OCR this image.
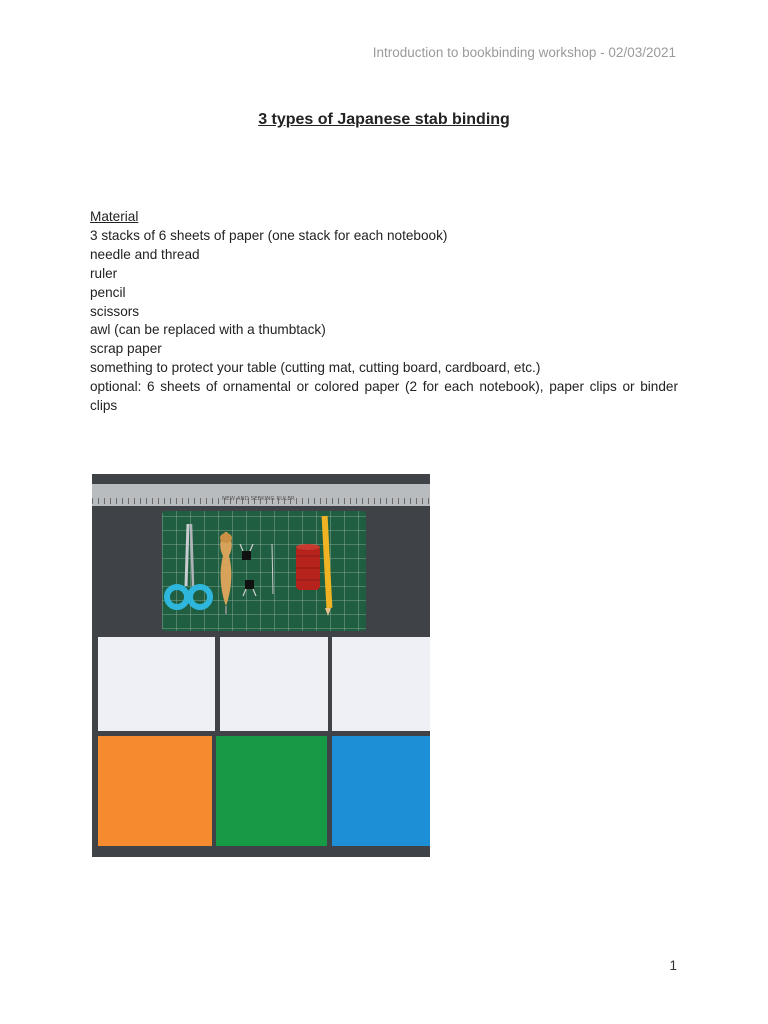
Introduction to bookbinding workshop - 02/03/2021
3 types of Japanese stab binding
Material
3 stacks of 6 sheets of paper (one stack for each notebook)
needle and thread
ruler
pencil
scissors
awl (can be replaced with a thumbtack)
scrap paper
something to protect your table (cutting mat, cutting board, cardboard, etc.)
optional: 6 sheets of ornamental or colored paper (2 for each notebook), paper clips or binder clips
NEW AND SEEKING RULER
1
